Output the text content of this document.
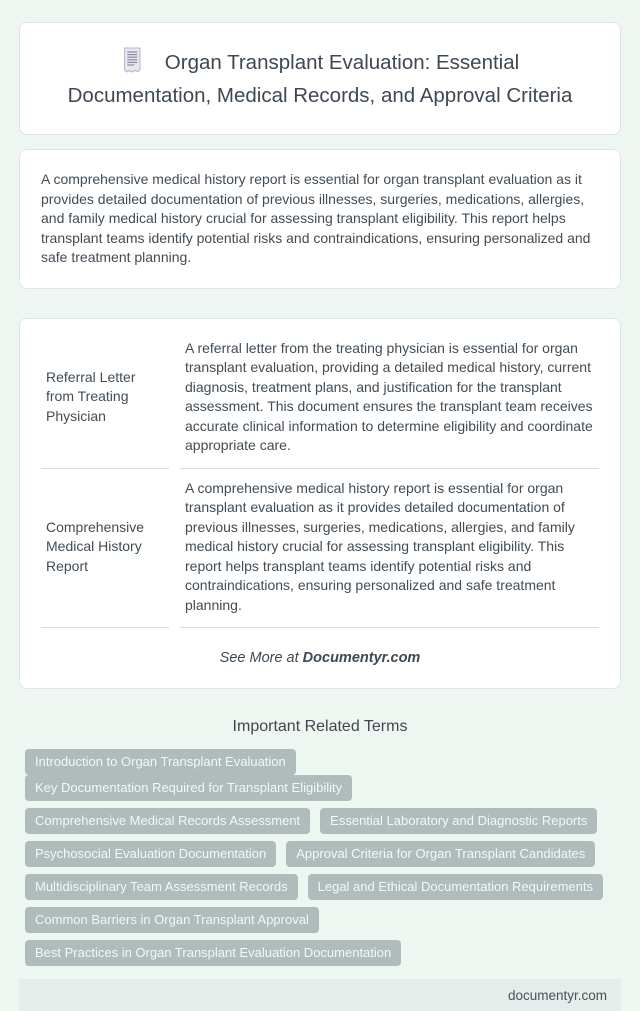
Organ Transplant Evaluation: Essential Documentation, Medical Records, and Approval Criteria

A comprehensive medical history report is essential for organ transplant evaluation as it provides detailed documentation of previous illnesses, surgeries, medications, allergies, and family medical history crucial for assessing transplant eligibility. This report helps transplant teams identify potential risks and contraindications, ensuring personalized and safe treatment planning.

Referral Letter from Treating Physician	A referral letter from the treating physician is essential for organ transplant evaluation, providing a detailed medical history, current diagnosis, treatment plans, and justification for the transplant assessment. This document ensures the transplant team receives accurate clinical information to determine eligibility and coordinate appropriate care.
Comprehensive Medical History Report	A comprehensive medical history report is essential for organ transplant evaluation as it provides detailed documentation of previous illnesses, surgeries, medications, allergies, and family medical history crucial for assessing transplant eligibility. This report helps transplant teams identify potential risks and contraindications, ensuring personalized and safe treatment planning.
See More at Documentyr.com
Important Related Terms
Introduction to Organ Transplant EvaluationKey Documentation Required for Transplant Eligibility
Comprehensive Medical Records Assessment Essential Laboratory and Diagnostic Reports
Psychosocial Evaluation Documentation Approval Criteria for Organ Transplant Candidates
Multidisciplinary Team Assessment Records Legal and Ethical Documentation Requirements
Common Barriers in Organ Transplant Approval
Best Practices in Organ Transplant Evaluation Documentation
documentyr.com
